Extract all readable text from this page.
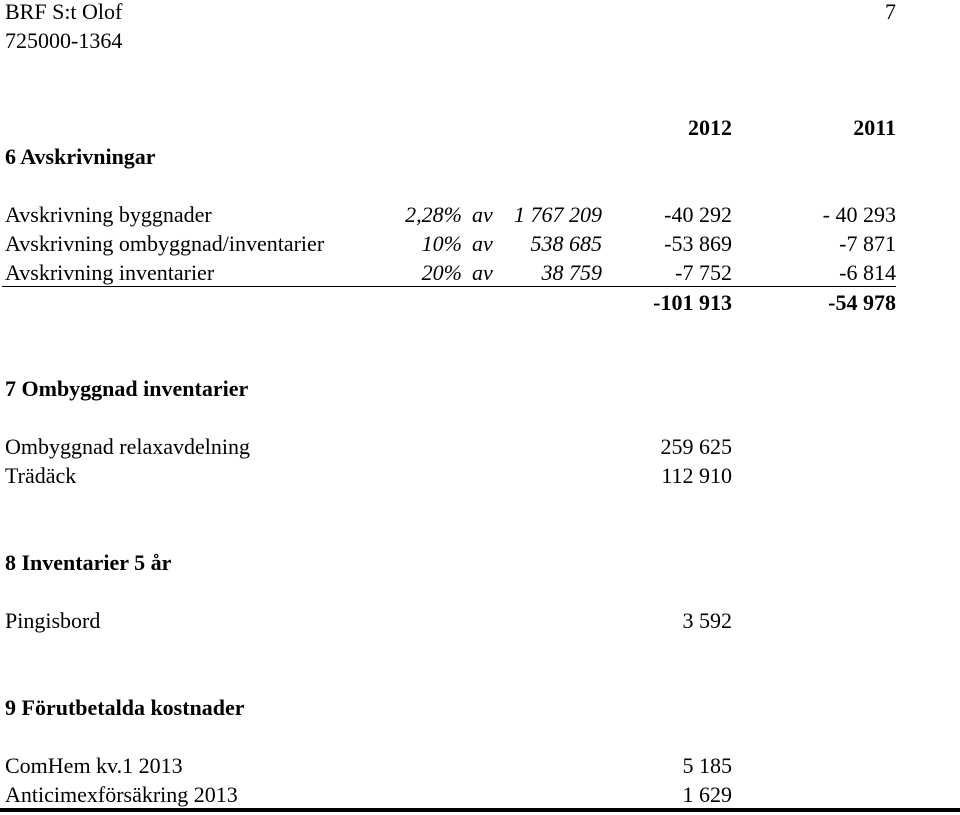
BRF S:t Olof
725000-1364
7
2012	2011
6 Avskrivningar
Avskrivning byggnader	2,28% av 1 767 209	-40 292	- 40 293
Avskrivning ombyggnad/inventarier	10% av	538 685	-53 869	-7 871
Avskrivning inventarier	20% av	38 759	-7 752	-6 814
-101 913	-54 978
7 Ombyggnad inventarier
Ombyggnad relaxavdelning	259 625
Trädäck	112 910
8 Inventarier 5 år
Pingisbord	3 592
9 Förutbetalda kostnader
ComHem kv.1 2013	5 185
Anticimexförsäkring 2013	1 629
